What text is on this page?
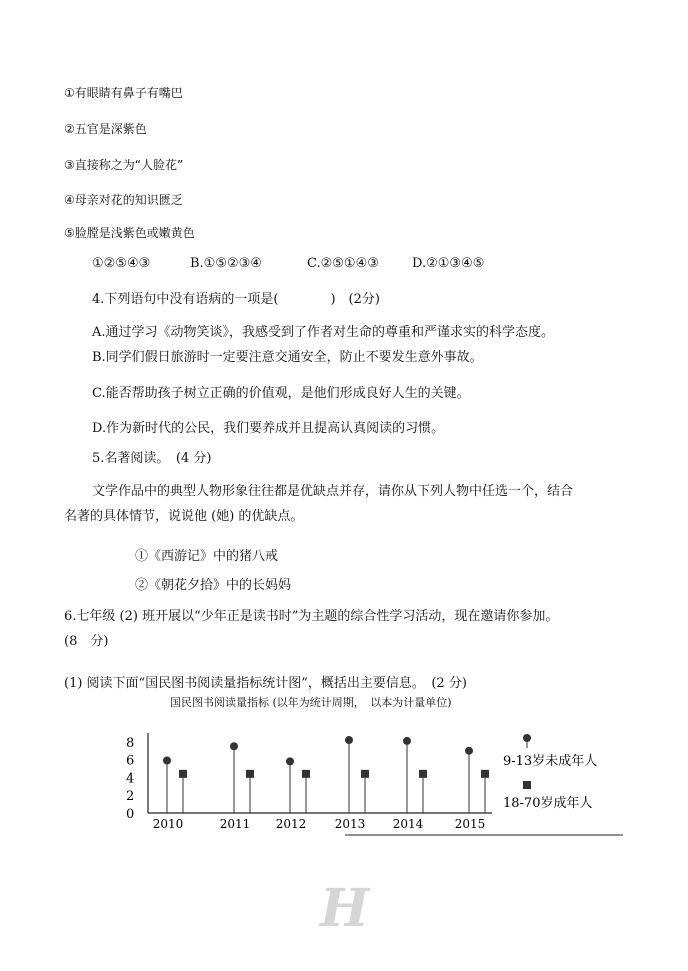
①有眼睛有鼻子有嘴巴
②五官是深紫色
③直接称之为“人脸花”
④母亲对花的知识匮乏
⑤脸膛是浅紫色或嫩黄色
①②⑤④③	B.①⑤②③④	C.②⑤①④③	D.②①③④⑤
4.下列语句中没有语病的一项是(　　　　)　(2分)
A.通过学习《动物笑谈》，我感受到了作者对生命的尊重和严谨求实的科学态度。
B.同学们假日旅游时一定要注意交通安全，防止不要发生意外事故。
C.能否帮助孩子树立正确的价值观，是他们形成良好人生的关键。
D.作为新时代的公民，我们要养成并且提高认真阅读的习惯。
5.名著阅读。　(4 分)
文学作品中的典型人物形象往往都是优缺点并存，请你从下列人物中任选一个，结合
名著的具体情节，说说他 (她) 的优缺点。
①《西游记》中的猪八戒
②《朝花夕拾》中的长妈妈
6.七年级 (2) 班开展以“少年正是读书时”为主题的综合性学习活动，现在邀请你参加。
(8　分)
(1) 阅读下面“国民图书阅读量指标统计图”，概括出主要信息。　(2 分)
国民图书阅读量指标 (以年为统计周期，　以本为计量单位)
8
6
4
2
0
2010	2011 2012 2013 2014	2015
9-13岁未成年人
18-70岁成年人
H
